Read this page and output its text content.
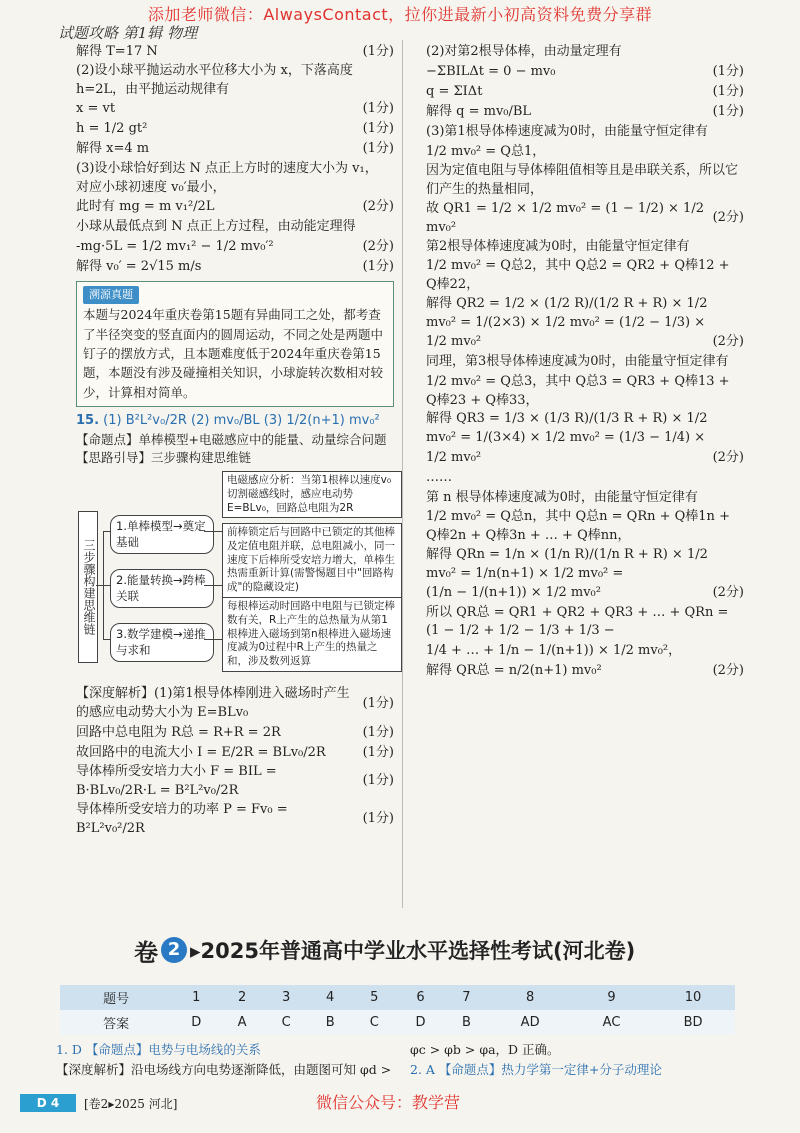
添加老师微信：AlwaysContact，拉你进最新小初高资料免费分享群
试题攻略 第1辑 物理
解得 T=17 N	(1分)
(2)设小球平抛运动水平位移大小为 x，下落高度 h=2L，由平抛运动规律有
x = vt	(1分)
h = 1/2 gt²	(1分)
解得 x=4 m	(1分)
(3)设小球恰好到达 N 点正上方时的速度大小为 v₁，对应小球初速度 v₀′最小，
此时有 mg = m v₁²/2L	(2分)
小球从最低点到 N 点正上方过程，由动能定理得
-mg·5L = 1/2 mv₁² − 1/2 mv₀′²	(2分)
解得 v₀′ = 2√15 m/s	(1分)
溯源真题

本题与2024年重庆卷第15题有异曲同工之处，都考查了半径突变的竖直面内的圆周运动，不同之处是两题中钉子的摆放方式，且本题难度低于2024年重庆卷第15题，本题没有涉及碰撞相关知识，小球旋转次数相对较少，计算相对简单。

15. (1) B²L²v₀/2R (2) mv₀/BL (3) 1/2(n+1) mv₀²
【命题点】单棒模型+电磁感应中的能量、动量综合问题
【思路引导】三步骤构建思维链
三步骤构建思维链
1.单棒模型→奠定基础
2.能量转换→跨棒关联
3.数学建模→递推与求和
电磁感应分析：当第1根棒以速度v₀切割磁感线时，感应电动势E=BLv₀，回路总电阻为2R
前棒锁定后与回路中已锁定的其他棒及定值电阻并联，总电阻减小，同一速度下后棒所受安培力增大，单棒生热需重新计算(需警惕题目中"回路构成"的隐藏设定)
每根棒运动时回路中电阻与已锁定棒数有关，R上产生的总热量为从第1根棒进入磁场到第n根棒进入磁场速度减为0过程中R上产生的热量之和，涉及数列返算
【深度解析】(1)第1根导体棒刚进入磁场时产生的感应电动势大小为 E=BLv₀
(1分)
回路中总电阻为 R总 = R+R = 2R	(1分)
故回路中的电流大小 I = E/2R = BLv₀/2R	(1分)
导体棒所受安培力大小 F = BIL = B·BLv₀/2R·L = B²L²v₀/2R
(1分)
导体棒所受安培力的功率 P = Fv₀ = B²L²v₀²/2R
(1分)
(2)对第2根导体棒，由动量定理有
−ΣBILΔt = 0 − mv₀	(1分)
q = ΣIΔt	(1分)
解得 q = mv₀/BL	(1分)
(3)第1根导体棒速度减为0时，由能量守恒定律有
1/2 mv₀² = Q总1，
因为定值电阻与导体棒阻值相等且是串联关系，所以它们产生的热量相同，
故 QR1 = 1/2 × 1/2 mv₀² = (1 − 1/2) × 1/2 mv₀²
(2分)
第2根导体棒速度减为0时，由能量守恒定律有
1/2 mv₀² = Q总2，其中 Q总2 = QR2 + Q棒12 + Q棒22，
解得 QR2 = 1/2 × (1/2 R)/(1/2 R + R) × 1/2 mv₀² = 1/(2×3) × 1/2 mv₀² = (1/2 − 1/3) ×
1/2 mv₀²	(2分)
同理，第3根导体棒速度减为0时，由能量守恒定律有
1/2 mv₀² = Q总3，其中 Q总3 = QR3 + Q棒13 + Q棒23 + Q棒33，
解得 QR3 = 1/3 × (1/3 R)/(1/3 R + R) × 1/2 mv₀² = 1/(3×4) × 1/2 mv₀² = (1/3 − 1/4) ×
1/2 mv₀²	(2分)
……
第 n 根导体棒速度减为0时，由能量守恒定律有
1/2 mv₀² = Q总n，其中 Q总n = QRn + Q棒1n + Q棒2n + Q棒3n + … + Q棒nn，
解得 QRn = 1/n × (1/n R)/(1/n R + R) × 1/2 mv₀² = 1/n(n+1) × 1/2 mv₀² =
(1/n − 1/(n+1)) × 1/2 mv₀²	(2分)
所以 QR总 = QR1 + QR2 + QR3 + … + QRn = (1 − 1/2 + 1/2 − 1/3 + 1/3 −
1/4 + … + 1/n − 1/(n+1)) × 1/2 mv₀²，
解得 QR总 = n/2(n+1) mv₀²	(2分)
卷 2 ▸2025年普通高中学业水平选择性考试(河北卷)
题号	1	2	3	4	5	6	7	8	9	10
答案	D	A	C	B	C	D	B	AD	AC	BD
1. D 【命题点】电势与电场线的关系
【深度解析】沿电场线方向电势逐渐降低，由题图可知 φd >
φc > φb > φa，D 正确。
2. A 【命题点】热力学第一定律+分子动理论
D 4	[卷2▸2025 河北]	微信公众号：教学营
